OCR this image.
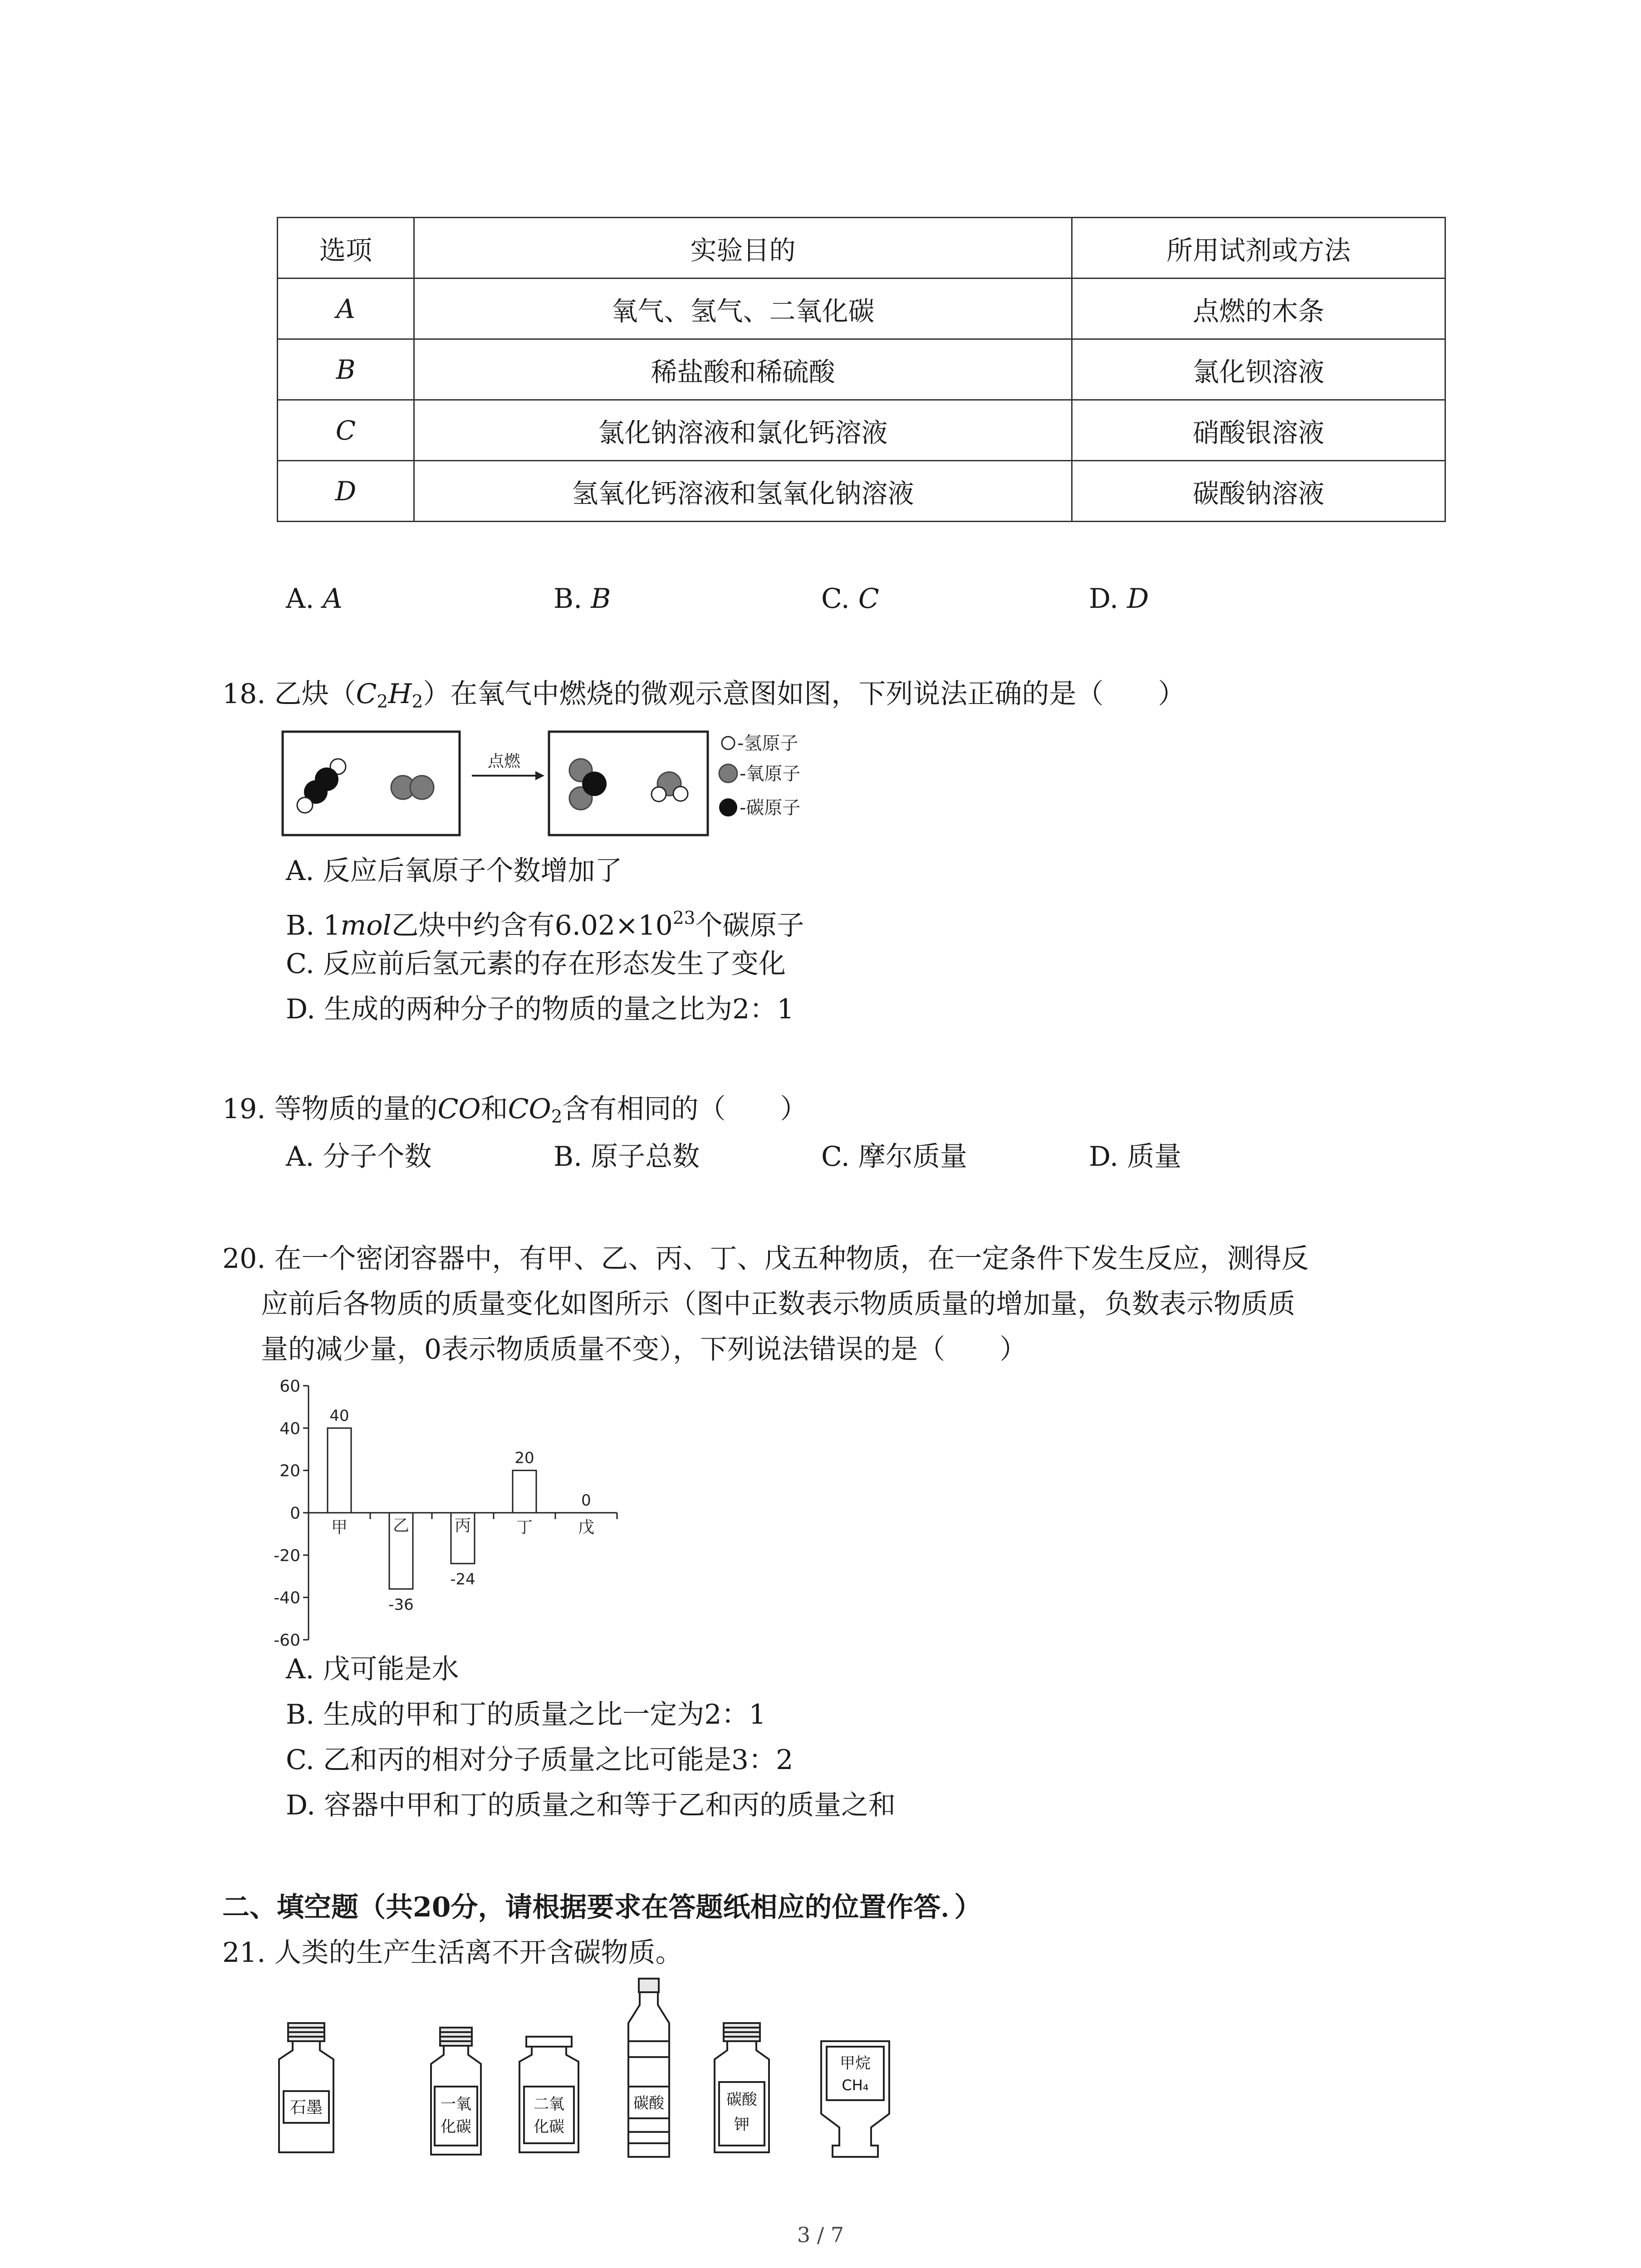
选项	实验目的	所用试剂或方法
A	氧气、氢气、二氧化碳	点燃的木条
B	稀盐酸和稀硫酸	氯化钡溶液
C	氯化钠溶液和氯化钙溶液	硝酸银溶液
D	氢氧化钙溶液和氢氧化钠溶液	碳酸钠溶液
A. A	B. B	C. C	D. D
18. 乙炔$(C_2H_2)$在氧气中燃烧的微观示意图如图，下列说法正确的是（　　）
点燃
-氢原子
-氧原子
-碳原子
A. 反应后氧原子个数增加了
B. 1mol乙炔中约含有$6.02\times 10^{23}$个碳原子
C. 反应前后氢元素的存在形态发生了变化
D. 生成的两种分子的物质的量之比为2：1
19. 等物质的量的CO和$CO_2$含有相同的（　　）
A. 分子个数	B. 原子总数	C. 摩尔质量	D. 质量
20. 在一个密闭容器中，有甲、乙、丙、丁、戊五种物质，在一定条件下发生反应，测得反
应前后各物质的质量变化如图所示（图中正数表示物质质量的增加量，负数表示物质质
量的减少量，0表示物质质量不变），下列说法错误的是（　　）
60
40
20
0
-20
-40
-60
甲
40
乙
-36
丙
-24
丁
20
戊
0
A. 戊可能是水
B. 生成的甲和丁的质量之比一定为2：1
C. 乙和丙的相对分子质量之比可能是3：2
D. 容器中甲和丁的质量之和等于乙和丙的质量之和
二、填空题（共20分，请根据要求在答题纸相应的位置作答．）
21. 人类的生产生活离不开含碳物质。
石墨	一氧
化碳
二氧
化碳
碳酸	碳酸
钾
甲烷
CH₄
3 / 7
